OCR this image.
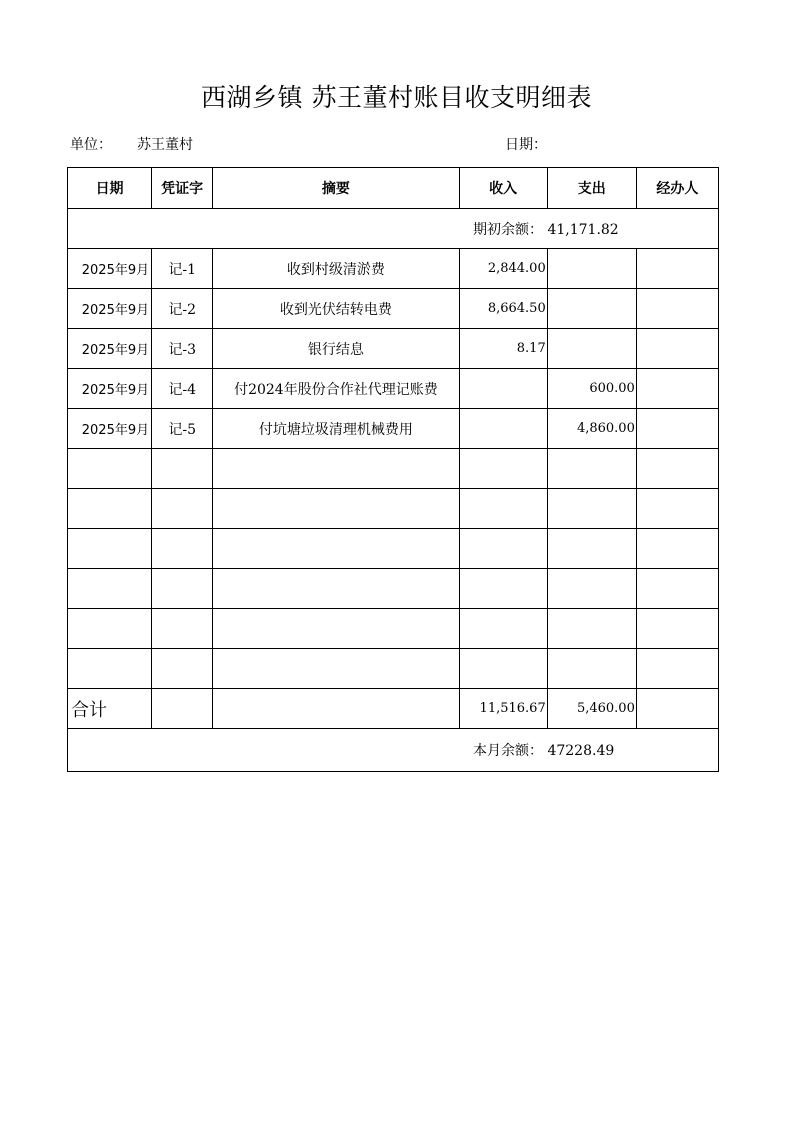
西湖乡镇 苏王董村账目收支明细表
单位： 苏王董村	日期：
日期	凭证字	摘要	收入	支出	经办人

期初余额： 41,171.82					

2025年9月	记-1	收到村级清淤费	2,844.00		
2025年9月	记-2	收到光伏结转电费	8,664.50		
2025年9月	记-3	银行结息	8.17		
2025年9月	记-4	付2024年股份合作社代理记账费		600.00	
2025年9月	记-5	付坑塘垃圾清理机械费用		4,860.00	

合计			11,516.67	5,460.00	

本月余额： 47228.49					
